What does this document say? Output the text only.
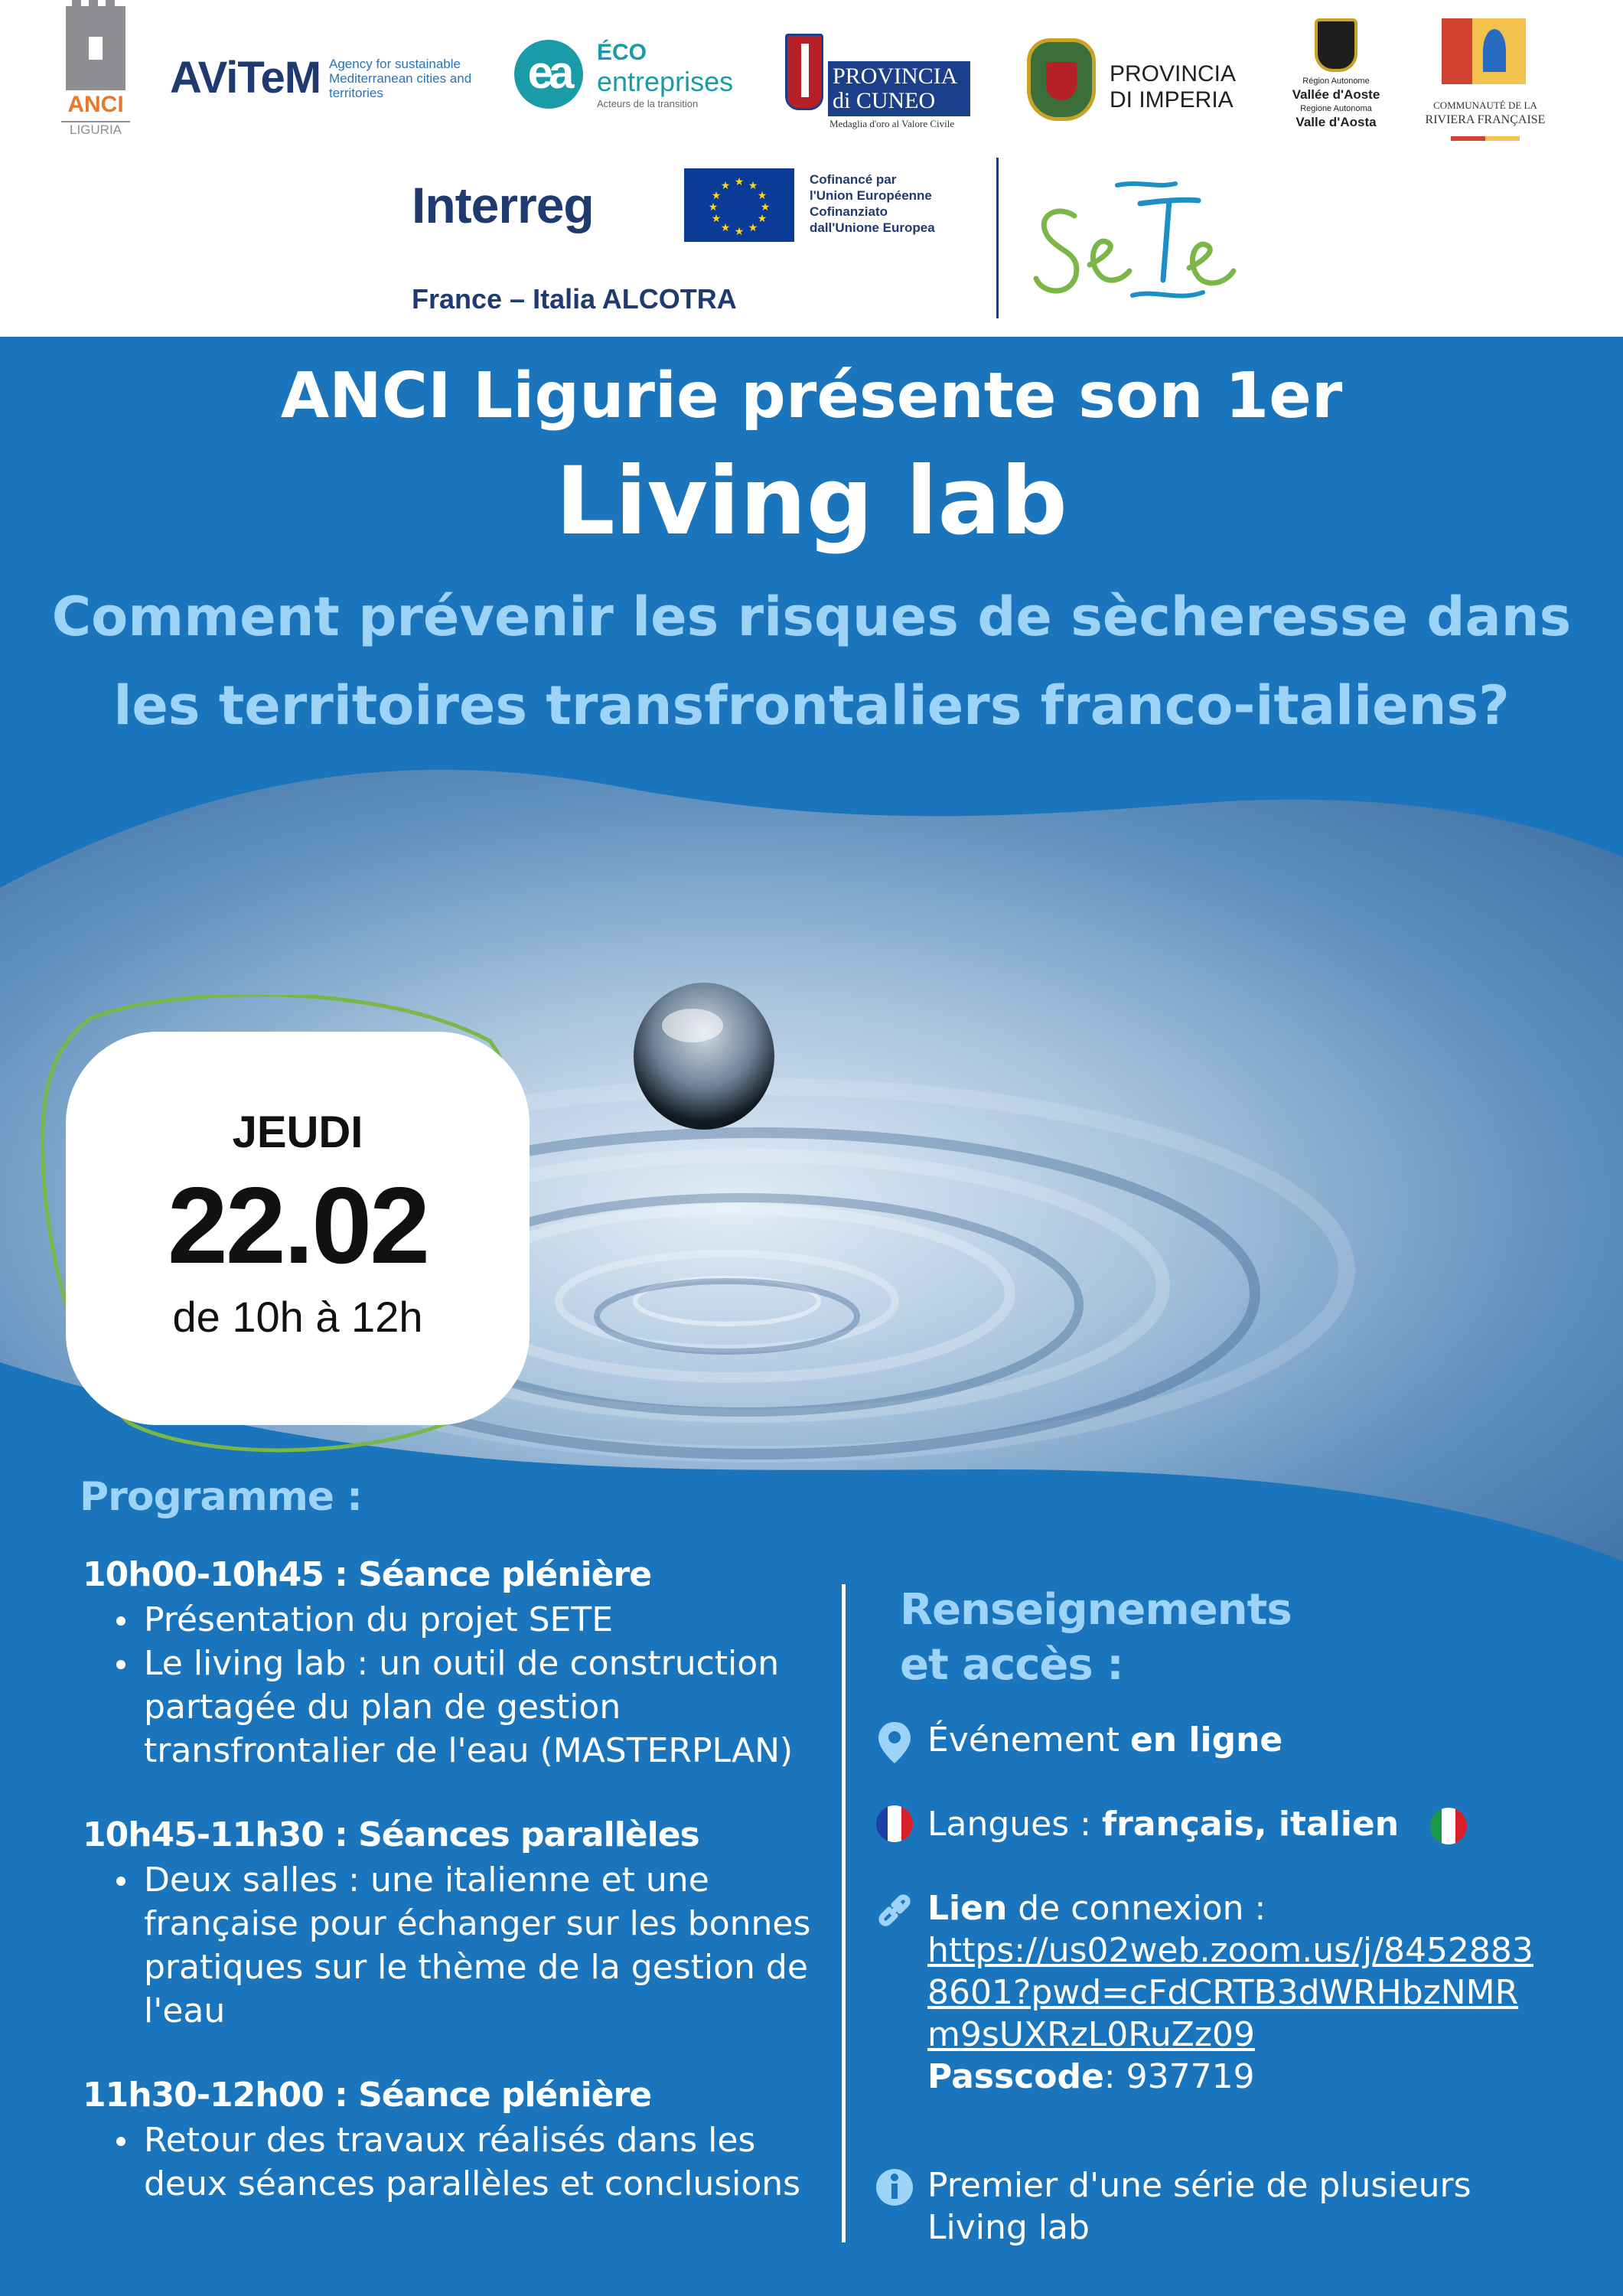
ANCI
LIGURIA
AViTeM Agency for sustainable Mediterranean cities and territories	ea	ÉCO
entreprises
Acteurs de la transition
PROVINCIA di CUNEO
Medaglia d'oro al Valore Civile
PROVINCIA DI IMPERIA
Région Autonome
Vallée d'Aoste
Regione Autonoma
Valle d'Aosta
COMMUNAUTÉ DE LA
RIVIERA FRANÇAISE
Interreg
France – Italia ALCOTRA
★ ★
★
★
★
★
★
★
★
★
★
★	Cofinancé par
l'Union Européenne
Cofinanziato
dall'Unione Europea
ANCI Ligurie présente son 1er
Living lab
Comment prévenir les risques de sècheresse dans les territoires transfrontaliers franco-italiens?
JEUDI
22.02
de 10h à 12h
Programme :
10h00-10h45 : Séance plénière
Présentation du projet SETE
Le living lab : un outil de construction partagée du plan de gestion transfrontalier de l'eau (MASTERPLAN)
10h45-11h30 : Séances parallèles
Deux salles : une italienne et une française pour échanger sur les bonnes pratiques sur le thème de la gestion de l'eau
11h30-12h00 : Séance plénière
Retour des travaux réalisés dans les deux séances parallèles et conclusions
Renseignements et accès :
Événement en ligne
Langues : français, italien
Lien de connexion :
https://us02web.zoom.us/j/84528838601?pwd=cFdCRTB3dWRHbzNMRm9sUXRzL0RuZz09
Passcode: 937719
Premier d'une série de plusieurs Living lab
